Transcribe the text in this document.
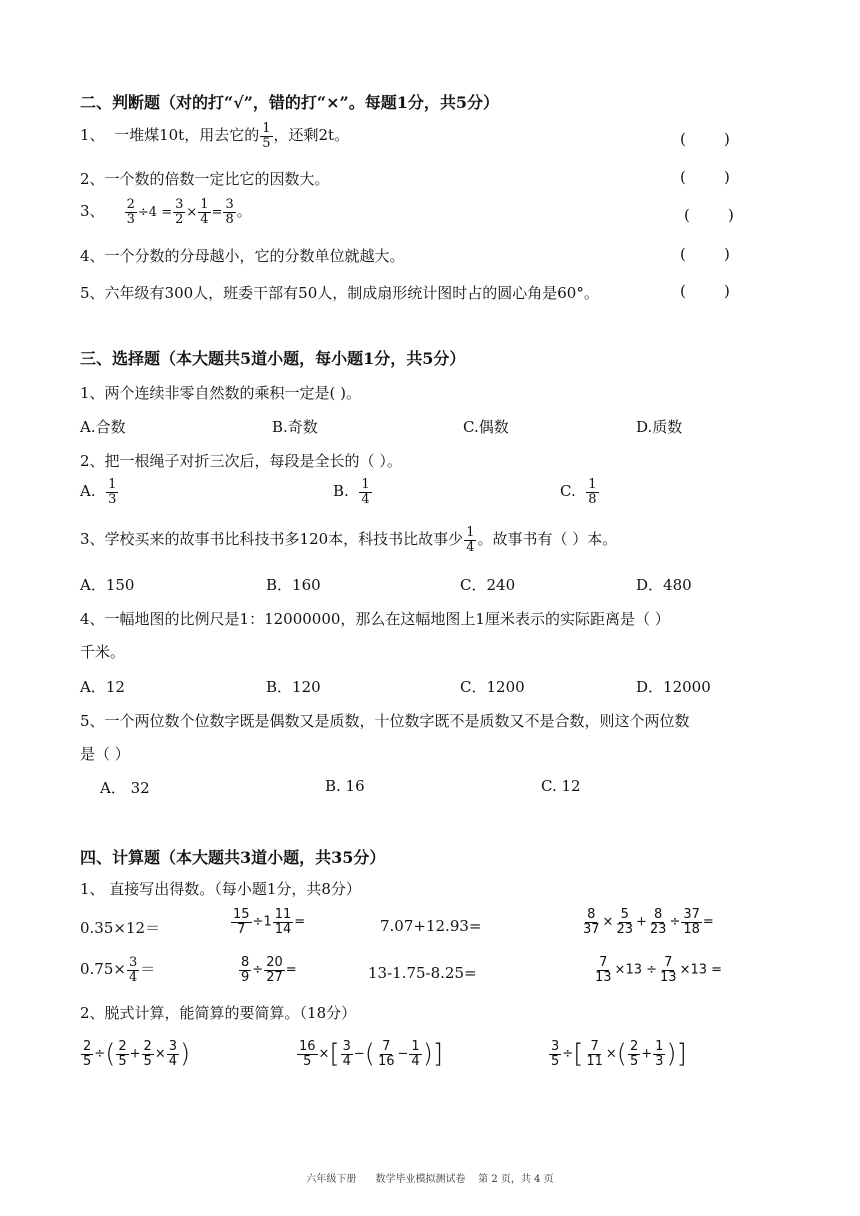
二、判断题（对的打“√”，错的打“×”。每题1分，共5分）
1、 一堆煤10t，用去它的 $\frac{1}{5}$ ，还剩2t。	(        )
2、一个数的倍数一定比它的因数大。	(        )
3、 $\frac{2}{3} \div 4 = \frac{3}{2} \times \frac{1}{4} = \frac{3}{8}$ 。	(        )
4、一个分数的分母越小，它的分数单位就越大。	(        )
5、六年级有300人，班委干部有50人，制成扇形统计图时占的圆心角是60°。	(        )
三、选择题（本大题共5道小题，每小题1分，共5分）
1、两个连续非零自然数的乘积一定是( )。
A.合数	B.奇数	C.偶数	D.质数
2、把一根绳子对折三次后，每段是全长的（ ）。
A. $\frac{1}{3}$	B. $\frac{1}{4}$	C. $\frac{1}{8}$
3、学校买来的故事书比科技书多120本，科技书比故事少 $\frac{1}{4}$ 。故事书有（ ）本。
A．150	B．160	C．240	D．480
4、一幅地图的比例尺是1：12000000，那么在这幅地图上1厘米表示的实际距离是（ ）
千米。
A．12	B．120	C．1200	D．12000
5、一个两位数个位数字既是偶数又是质数，十位数字既不是质数又不是合数，则这个两位数
是（ ）
A． 32	B. 16	C. 12
四、计算题（本大题共3道小题，共35分）
1、 直接写出得数。（每小题1分，共8分）
0.35×12＝	$\frac{15}{7} \div 1 \frac{11}{14}$ =	7.07+12.93=	$\frac{8}{37} \times \frac{5}{23} + \frac{8}{23} \div \frac{37}{18}$ =
$0.75\times \frac{3}{4}$ ＝	$\frac{8}{9} \div \frac{20}{27}$ =	13-1.75-8.25=	$\frac{7}{13} \times 13 \div \frac{7}{13} \times 13$ =
2、脱式计算，能简算的要简算。（18分）
$\frac{2}{5}$ ÷( $\frac{2}{5} + \frac{2}{5} \times \frac{3}{4}$ )	$\frac{16}{5}$ ×[ $\frac{3}{4}$ −( $\frac{7}{16} - \frac{1}{4}$ )]	$\frac{3}{5}$ ÷[ $\frac{7}{11}$ ×( $\frac{2}{5} + \frac{1}{3}$ )]
六年级下册      数学毕业模拟测试卷    第 2 页，共 4 页
